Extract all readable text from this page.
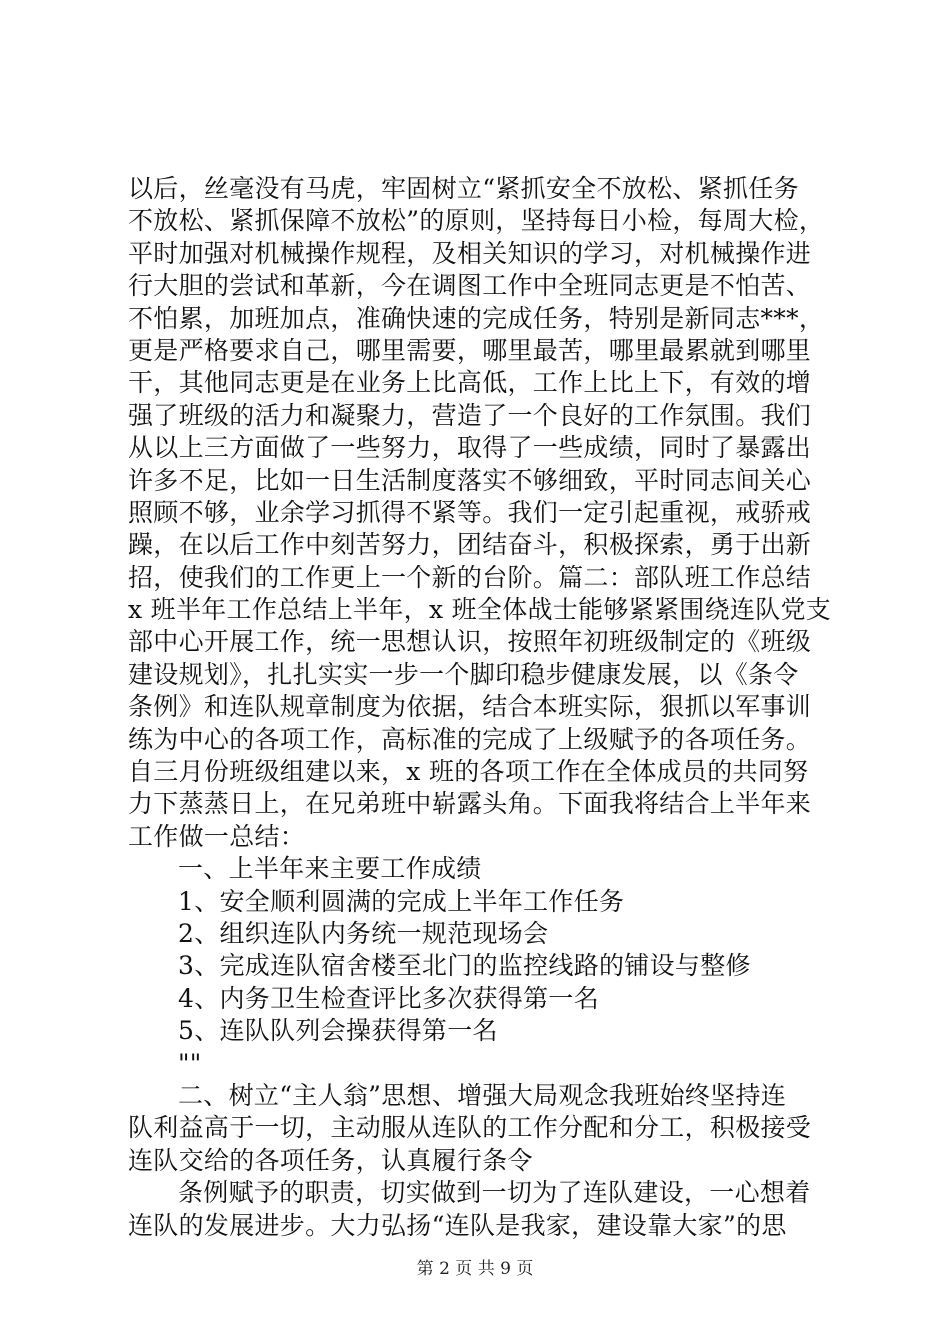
以后，丝毫没有马虎，牢固树立“紧抓安全不放松、紧抓任务
不放松、紧抓保障不放松”的原则，坚持每日小检，每周大检，
平时加强对机械操作规程，及相关知识的学习，对机械操作进
行大胆的尝试和革新，今在调图工作中全班同志更是不怕苦、
不怕累，加班加点，准确快速的完成任务，特别是新同志***，
更是严格要求自己，哪里需要，哪里最苦，哪里最累就到哪里
干，其他同志更是在业务上比高低，工作上比上下，有效的增
强了班级的活力和凝聚力，营造了一个良好的工作氛围。我们
从以上三方面做了一些努力，取得了一些成绩，同时了暴露出
许多不足，比如一日生活制度落实不够细致，平时同志间关心
照顾不够，业余学习抓得不紧等。我们一定引起重视，戒骄戒
躁，在以后工作中刻苦努力，团结奋斗，积极探索，勇于出新
招，使我们的工作更上一个新的台阶。篇二：部队班工作总结
x 班半年工作总结上半年，x 班全体战士能够紧紧围绕连队党支
部中心开展工作，统一思想认识，按照年初班级制定的《班级
建设规划》，扎扎实实一步一个脚印稳步健康发展，以《条令
条例》和连队规章制度为依据，结合本班实际，狠抓以军事训
练为中心的各项工作，高标准的完成了上级赋予的各项任务。
自三月份班级组建以来，x 班的各项工作在全体成员的共同努
力下蒸蒸日上，在兄弟班中崭露头角。下面我将结合上半年来
工作做一总结：
一、上半年来主要工作成绩
1、安全顺利圆满的完成上半年工作任务
2、组织连队内务统一规范现场会
3、完成连队宿舍楼至北门的监控线路的铺设与整修
4、内务卫生检查评比多次获得第一名
5、连队队列会操获得第一名
""
二、树立“主人翁”思想、增强大局观念我班始终坚持连
队利益高于一切，主动服从连队的工作分配和分工，积极接受
连队交给的各项任务，认真履行条令
条例赋予的职责，切实做到一切为了连队建设，一心想着
连队的发展进步。大力弘扬“连队是我家，建设靠大家”的思
第 2 页 共 9 页
